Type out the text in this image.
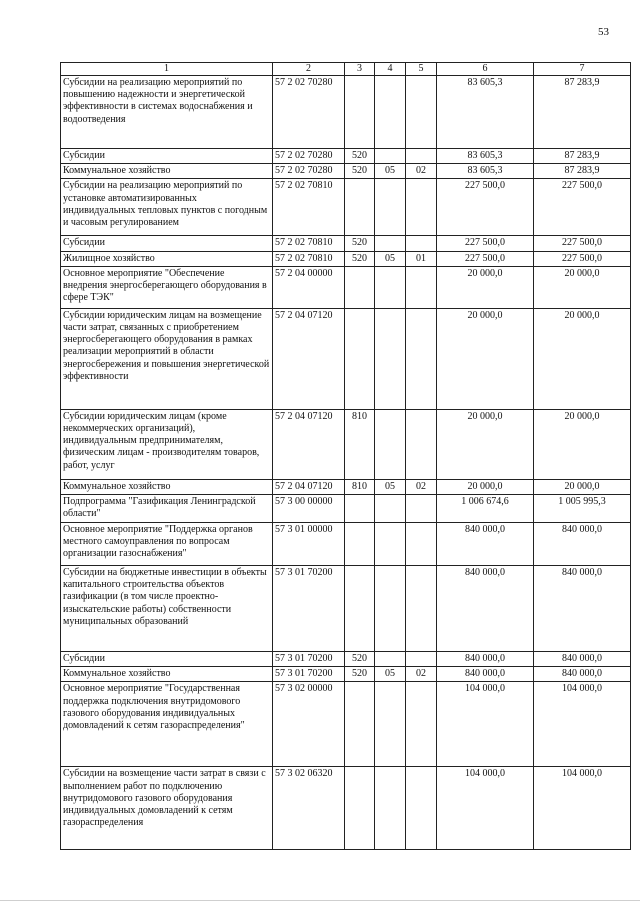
53
1	2	3	4	5	6	7
Субсидии на реализацию мероприятий по повышению надежности и энергетической эффективности в системах водоснабжения и водоотведения	57 2 02 70280				83 605,3	87 283,9
Субсидии	57 2 02 70280	520			83 605,3	87 283,9
Коммунальное хозяйство	57 2 02 70280	520	05	02	83 605,3	87 283,9
Субсидии на реализацию мероприятий по установке автоматизированных индивидуальных тепловых пунктов с погодным и часовым регулированием	57 2 02 70810				227 500,0	227 500,0
Субсидии	57 2 02 70810	520			227 500,0	227 500,0
Жилищное хозяйство	57 2 02 70810	520	05	01	227 500,0	227 500,0
Основное мероприятие "Обеспечение внедрения энергосберегающего оборудования в сфере ТЭК"	57 2 04 00000				20 000,0	20 000,0
Субсидии юридическим лицам на возмещение части затрат, связанных с приобретением энергосберегающего оборудования в рамках реализации мероприятий в области энергосбережения и повышения энергетической эффективности	57 2 04 07120				20 000,0	20 000,0
Субсидии юридическим лицам (кроме некоммерческих организаций), индивидуальным предпринимателям, физическим лицам - производителям товаров, работ, услуг	57 2 04 07120	810			20 000,0	20 000,0
Коммунальное хозяйство	57 2 04 07120	810	05	02	20 000,0	20 000,0
Подпрограмма "Газификация Ленинградской области"	57 3 00 00000				1 006 674,6	1 005 995,3
Основное мероприятие "Поддержка органов местного самоуправления по вопросам организации газоснабжения"	57 3 01 00000				840 000,0	840 000,0
Субсидии на бюджетные инвестиции в объекты капитального строительства объектов газификации (в том числе проектно-изыскательские работы) собственности муниципальных образований	57 3 01 70200				840 000,0	840 000,0
Субсидии	57 3 01 70200	520			840 000,0	840 000,0
Коммунальное хозяйство	57 3 01 70200	520	05	02	840 000,0	840 000,0
Основное мероприятие "Государственная поддержка подключения внутридомового газового оборудования индивидуальных домовладений к сетям газораспределения"	57 3 02 00000				104 000,0	104 000,0
Субсидии на возмещение части затрат в связи с выполнением работ по подключению внутридомового газового оборудования индивидуальных домовладений к сетям газораспределения	57 3 02 06320				104 000,0	104 000,0
